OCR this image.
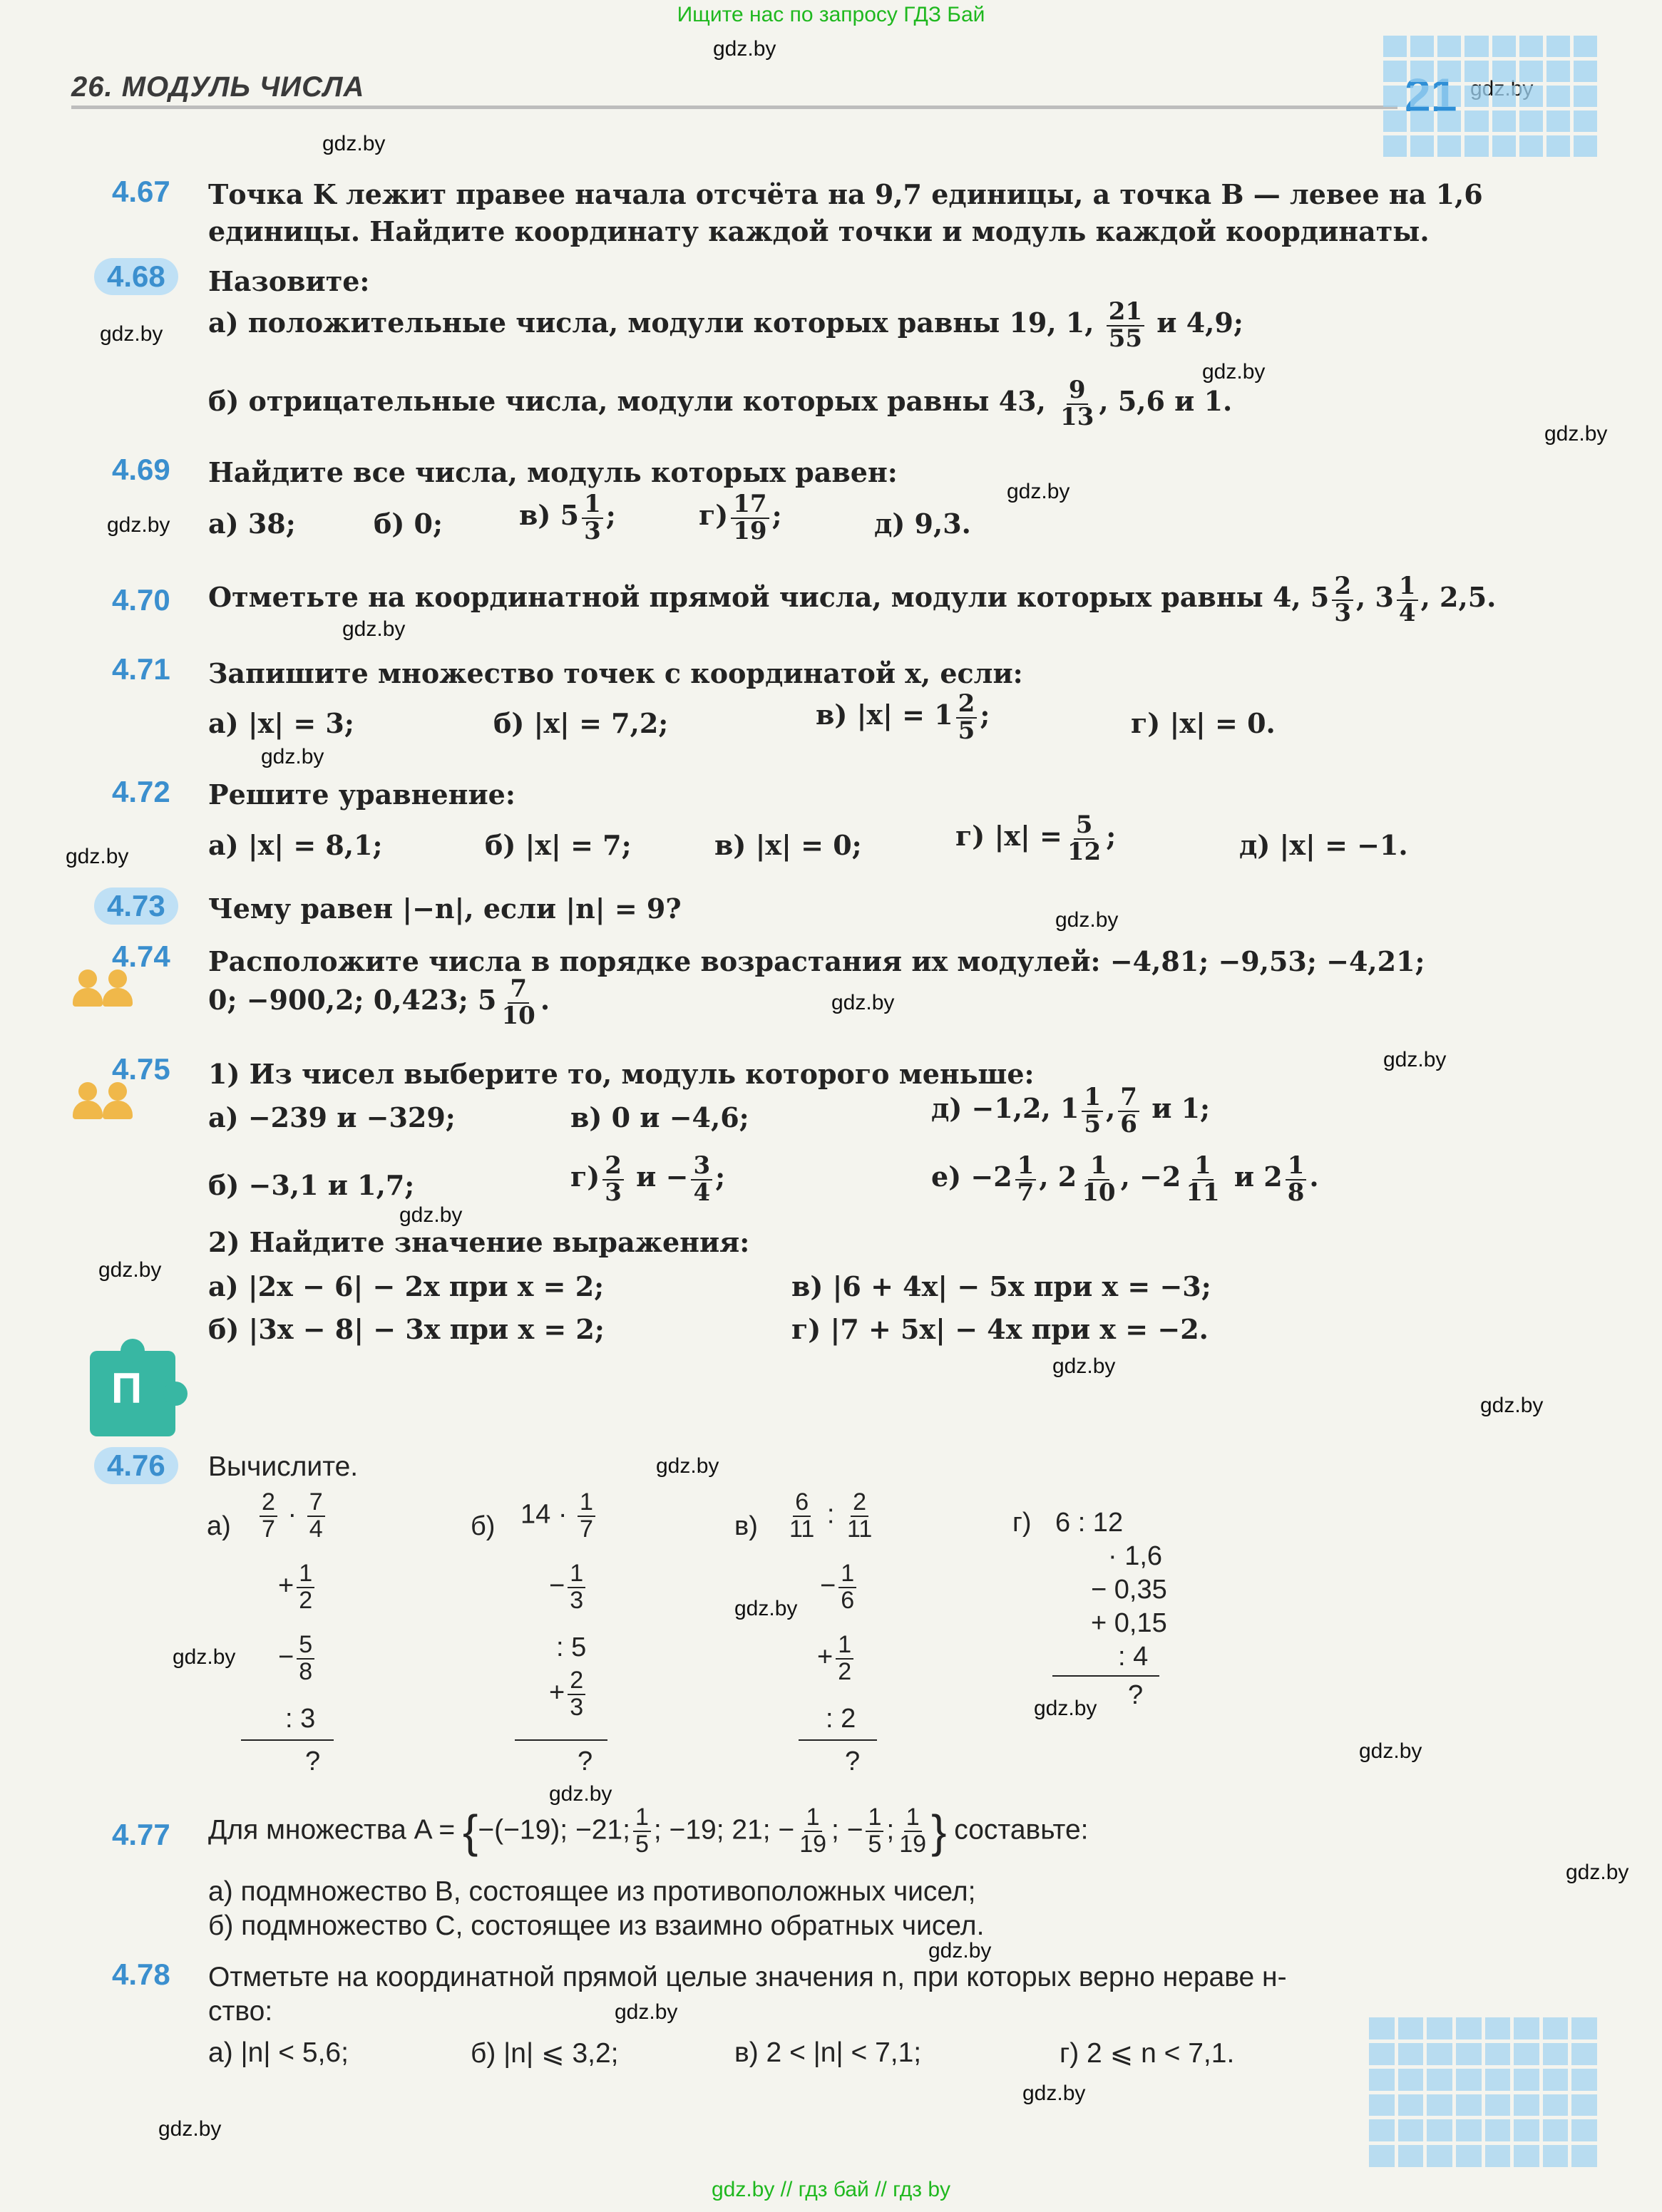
Ищите нас по запросу ГДЗ Бай
gdz.by
gdz.by
gdz.by
gdz.by
gdz.by
gdz.by
gdz.by
gdz.by
gdz.by
gdz.by
gdz.by
gdz.by
gdz.by
gdz.by
gdz.by
gdz.by
gdz.by
gdz.by
gdz.by
gdz.by
gdz.by
gdz.by
gdz.by
gdz.by
gdz.by
gdz.by
gdz.by
gdz.by
26. МОДУЛЬ ЧИСЛА
4.67 Точка K лежит правее начала отсчёта на 9,7 единицы, а точка B — левее на 1,6
единицы. Найдите координату каждой точки и модуль каждой координаты.
4.68	Назовите:
а) положительные числа, модули которых равны 19, 1, $\frac{21}{55}$ и 4,9;
б) отрицательные числа, модули которых равны 43, $\frac{9}{13}$ , 5,6 и 1.
4.69 Найдите все числа, модуль которых равен:
а) 38;	б) 0;	в) $5 \frac{1}{3}$ ;	$г) \frac{17}{19}$ ;	д) 9,3.
4.70 Отметьте на координатной прямой числа, модули которых равны 4, $5 \frac{2}{3}$ , $3 \frac{1}{4}$ , 2,5.
4.71 Запишите множество точек с координатой x, если:
а) |x| = 3;	б) |x| = 7,2;	в) $|x| = 1 \frac{2}{5}$ ;	г) |x| = 0.
4.72 Решите уравнение:
а) |x| = 8,1;	б) |x| = 7;	в) |x| = 0;	г) $|x| = \frac{5}{12}$ ;	д) |x| = −1.
4.73	Чему равен |−n|, если |n| = 9?
4.74 Расположите числа в порядке возрастания их модулей: −4,81; −9,53; −4,21;
0; −900,2; 0,423; $5 \frac{7}{10}$ .
4.75 1) Из чисел выберите то, модуль которого меньше:
а) −239 и −329;	в) 0 и −4,6;	д) −1,2, $1 \frac{1}{5}$ , $\frac{7}{6}$ и 1;
б) −3,1 и 1,7;	$г) \frac{2}{3}$ $и - \frac{3}{4}$ ;	$е) -2 \frac{1}{7}$ , $2 \frac{1}{10}$ , $-2 \frac{1}{11}$ и $2 \frac{1}{8}$ .
2) Найдите значение выражения:
а) |2x − 6| − 2x при x = 2;	в) |6 + 4x| − 5x при x = −3;
б) |3x − 8| − 3x при x = 2;	г) |7 + 5x| − 4x при x = −2.
П
4.76	Вычислите.
$а) \frac{2}{7} \cdot \frac{7}{4}$
+ $\frac{1}{2}$
− $\frac{5}{8}$
: 3
?
б) $14 \cdot \frac{1}{7}$
− $\frac{1}{3}$
: 5
+ $\frac{2}{3}$
?
$в) \frac{6}{11}$ : $\frac{2}{11}$
− $\frac{1}{6}$
+ $\frac{1}{2}$
: 2
?
г) 6 : 12
· 1,6
− 0,35
+ 0,15
: 4
?
4.77 Для множества A = {−(−19); −21; $\frac{1}{5}$ ; −19; 21; − $\frac{1}{19}$ ; − $\frac{1}{5}$ ; $\frac{1}{19}$ } составьте:
а) подмножество B, состоящее из противоположных чисел;
б) подмножество C, состоящее из взаимно обратных чисел.
4.78 Отметьте на координатной прямой целые значения n, при которых верно нераве н-
ство:
а) |n| < 5,6;	б) |n| ⩽ 3,2;	в) 2 < |n| < 7,1;	г) 2 ⩽ n < 7,1.
gdz.by // гдз бай // гдз by
